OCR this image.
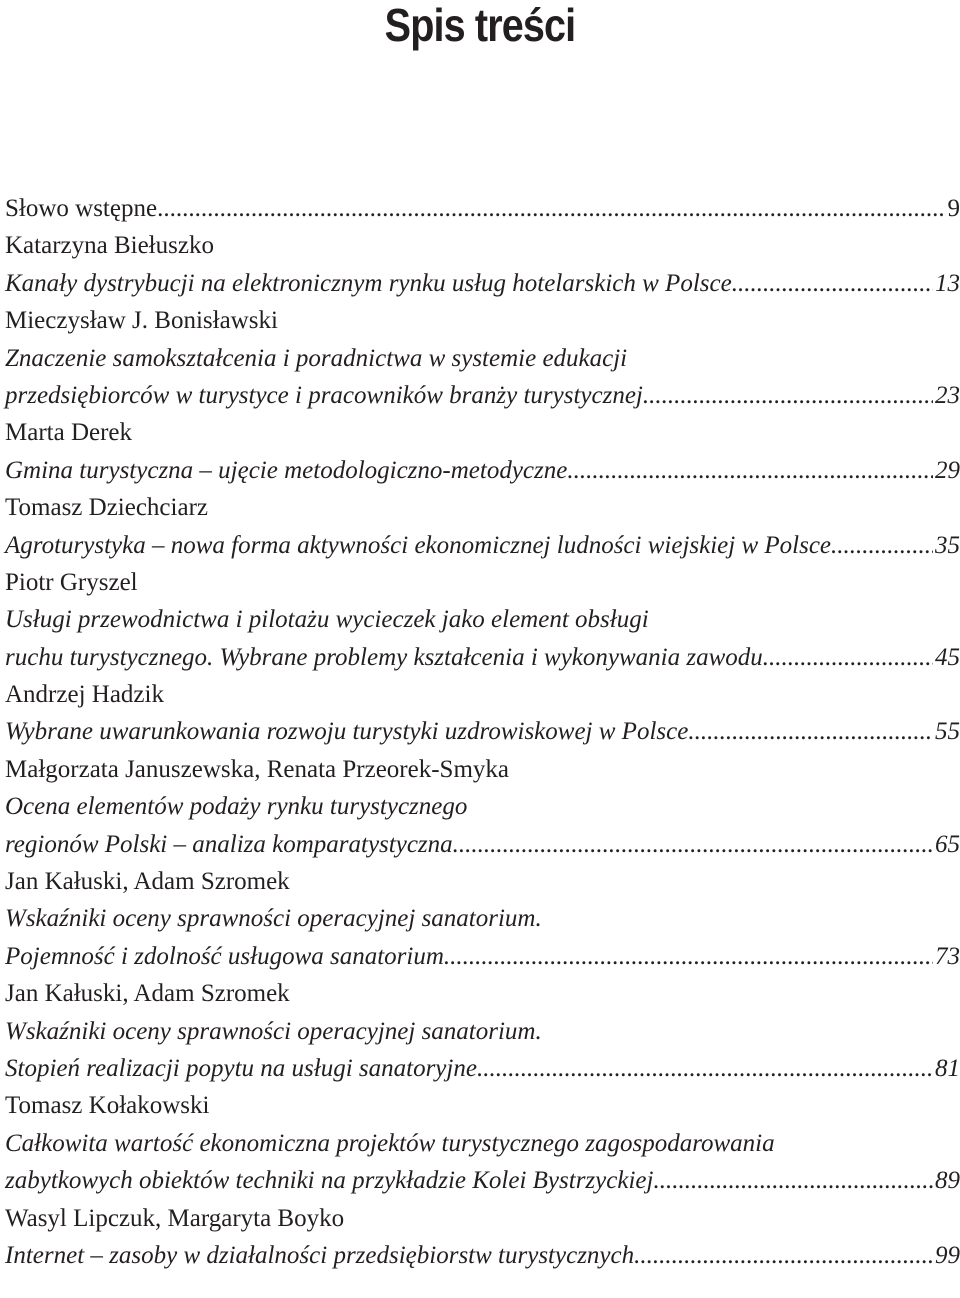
Spis treści
Słowo wstępne .....	9
Katarzyna Biełuszko
Kanały dystrybucji na elektronicznym rynku usług hotelarskich w Polsce .....	13
Mieczysław J. Bonisławski
Znaczenie samokształcenia i poradnictwa w systemie edukacji
przedsiębiorców w turystyce i pracowników branży turystycznej .....	23
Marta Derek
Gmina turystyczna – ujęcie metodologiczno-metodyczne .....	29
Tomasz Dziechciarz
Agroturystyka – nowa forma aktywności ekonomicznej ludności wiejskiej w Polsce .....	35
Piotr Gryszel
Usługi przewodnictwa i pilotażu wycieczek jako element obsługi
ruchu turystycznego. Wybrane problemy kształcenia i wykonywania zawodu .....	45
Andrzej Hadzik
Wybrane uwarunkowania rozwoju turystyki uzdrowiskowej w Polsce .....	55
Małgorzata Januszewska, Renata Przeorek-Smyka
Ocena elementów podaży rynku turystycznego
regionów Polski – analiza komparatystyczna .....	65
Jan Kałuski, Adam Szromek
Wskaźniki oceny sprawności operacyjnej sanatorium.
Pojemność i zdolność usługowa sanatorium .....	73
Jan Kałuski, Adam Szromek
Wskaźniki oceny sprawności operacyjnej sanatorium.
Stopień realizacji popytu na usługi sanatoryjne .....	81
Tomasz Kołakowski
Całkowita wartość ekonomiczna projektów turystycznego zagospodarowania
zabytkowych obiektów techniki na przykładzie Kolei Bystrzyckiej .....	89
Wasyl Lipczuk, Margaryta Boyko
Internet – zasoby w działalności przedsiębiorstw turystycznych .....	99
